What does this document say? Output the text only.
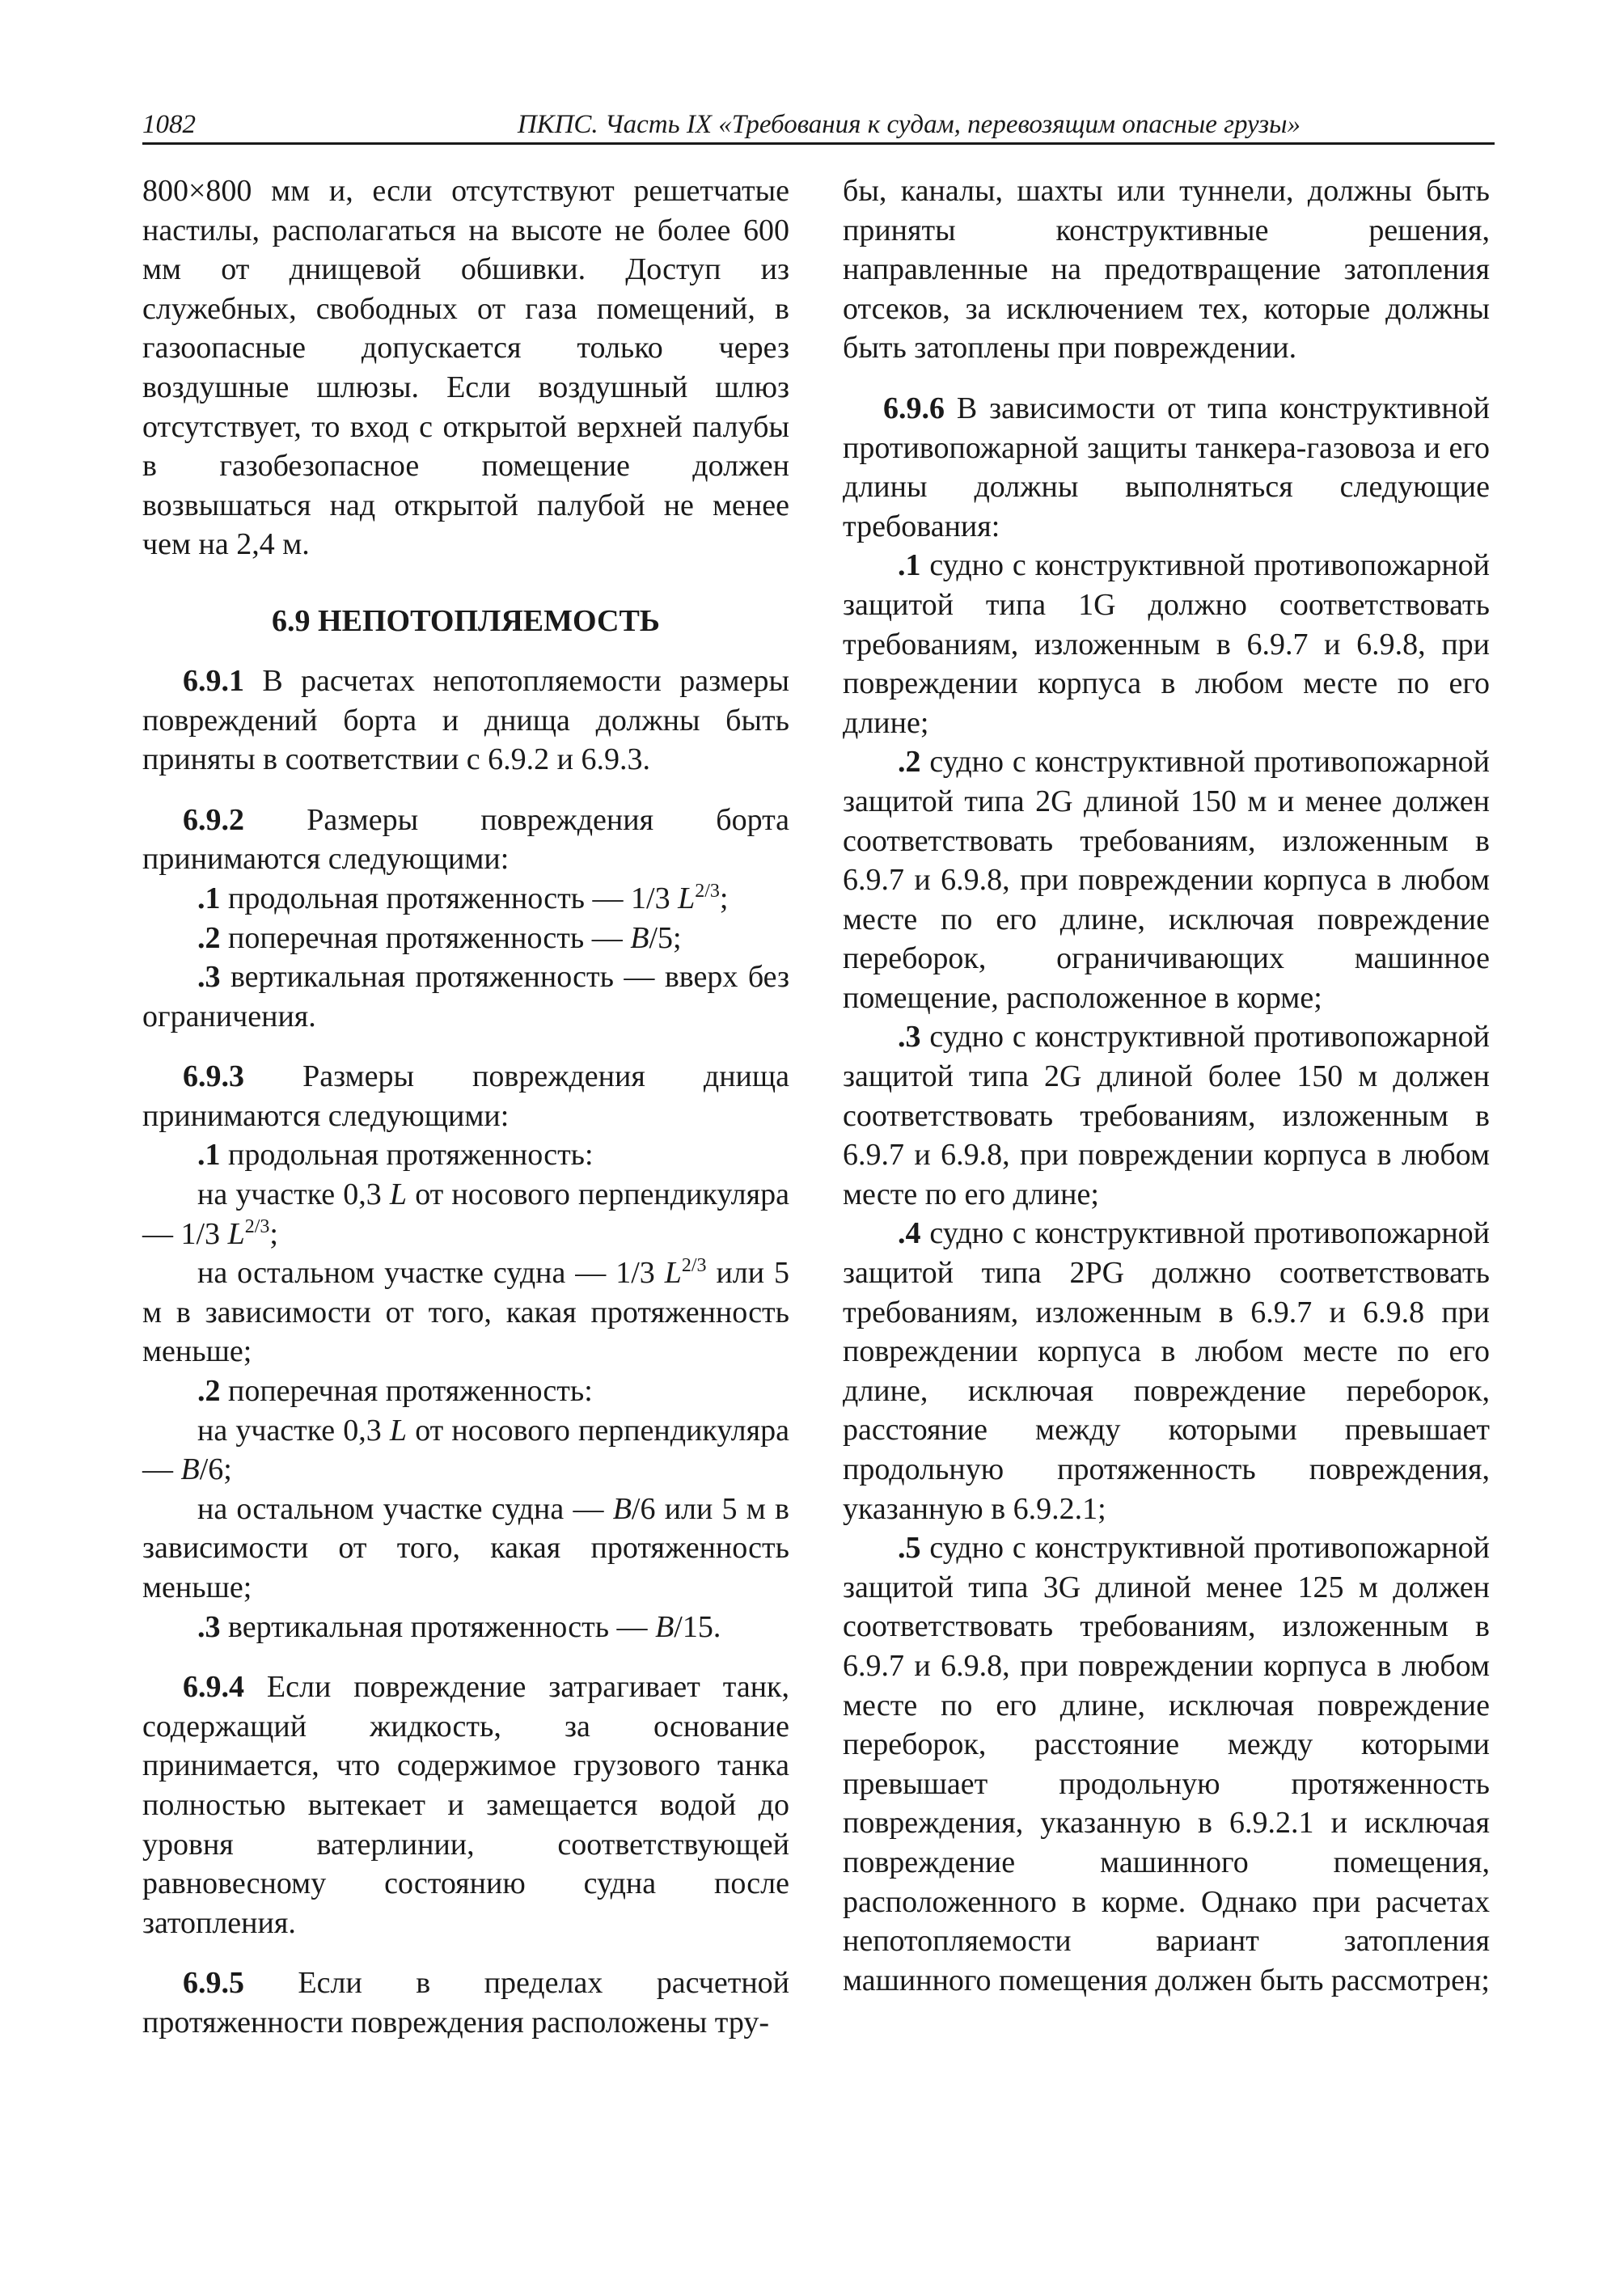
1082	ПКПС. Часть IX «Требования к судам, перевозящим опасные грузы»

800×800 мм и, если отсутствуют решетчатые настилы, располагаться на высоте не более 600 мм от днищевой обшивки. Доступ из служебных, свободных от газа помещений, в газоопасные допускается только через воздушные шлюзы. Если воздушный шлюз отсутствует, то вход с открытой верхней палубы в газобезопасное помещение должен возвышаться над открытой палубой не менее чем на 2,4 м.

6.9 НЕПОТОПЛЯЕМОСТЬ

6.9.1 В расчетах непотопляемости размеры повреждений борта и днища должны быть приняты в соответствии с 6.9.2 и 6.9.3.

6.9.2 Размеры повреждения борта принимаются следующими:

.1 продольная протяженность — 1/3 $L^{2/3}$;

.2 поперечная протяженность — B/5;

.3 вертикальная протяженность — вверх без ограничения.

6.9.3 Размеры повреждения днища принимаются следующими:

.1 продольная протяженность:

на участке 0,3 L от носового перпендикуляра — 1/3 $L^{2/3}$;

на остальном участке судна — 1/3 $L^{2/3}$ или 5 м в зависимости от того, какая протяженность меньше;

.2 поперечная протяженность:

на участке 0,3 L от носового перпендикуляра — B/6;

на остальном участке судна — B/6 или 5 м в зависимости от того, какая протяженность меньше;

.3 вертикальная протяженность — B/15.

6.9.4 Если повреждение затрагивает танк, содержащий жидкость, за основание принимается, что содержимое грузового танка полностью вытекает и замещается водой до уровня ватерлинии, соответствующей равновесному состоянию судна после затопления.

6.9.5 Если в пределах расчетной протяженности повреждения расположены тру-

бы, каналы, шахты или туннели, должны быть приняты конструктивные решения, направленные на предотвращение затопления отсеков, за исключением тех, которые должны быть затоплены при повреждении.

6.9.6 В зависимости от типа конструктивной противопожарной защиты танкера-газовоза и его длины должны выполняться следующие требования:

.1 судно с конструктивной противопожарной защитой типа 1G должно соответствовать требованиям, изложенным в 6.9.7 и 6.9.8, при повреждении корпуса в любом месте по его длине;

.2 судно с конструктивной противопожарной защитой типа 2G длиной 150 м и менее должен соответствовать требованиям, изложенным в 6.9.7 и 6.9.8, при повреждении корпуса в любом месте по его длине, исключая повреждение переборок, ограничивающих машинное помещение, расположенное в корме;

.3 судно с конструктивной противопожарной защитой типа 2G длиной более 150 м должен соответствовать требованиям, изложенным в 6.9.7 и 6.9.8, при повреждении корпуса в любом месте по его длине;

.4 судно с конструктивной противопожарной защитой типа 2PG должно соответствовать требованиям, изложенным в 6.9.7 и 6.9.8 при повреждении корпуса в любом месте по его длине, исключая повреждение переборок, расстояние между которыми превышает продольную протяженность повреждения, указанную в 6.9.2.1;

.5 судно с конструктивной противопожарной защитой типа 3G длиной менее 125 м должен соответствовать требованиям, изложенным в 6.9.7 и 6.9.8, при повреждении корпуса в любом месте по его длине, исключая повреждение переборок, расстояние между которыми превышает продольную протяженность повреждения, указанную в 6.9.2.1 и исключая повреждение машинного помещения, расположенного в корме. Однако при расчетах непотопляемости вариант затопления машинного помещения должен быть рассмотрен;
